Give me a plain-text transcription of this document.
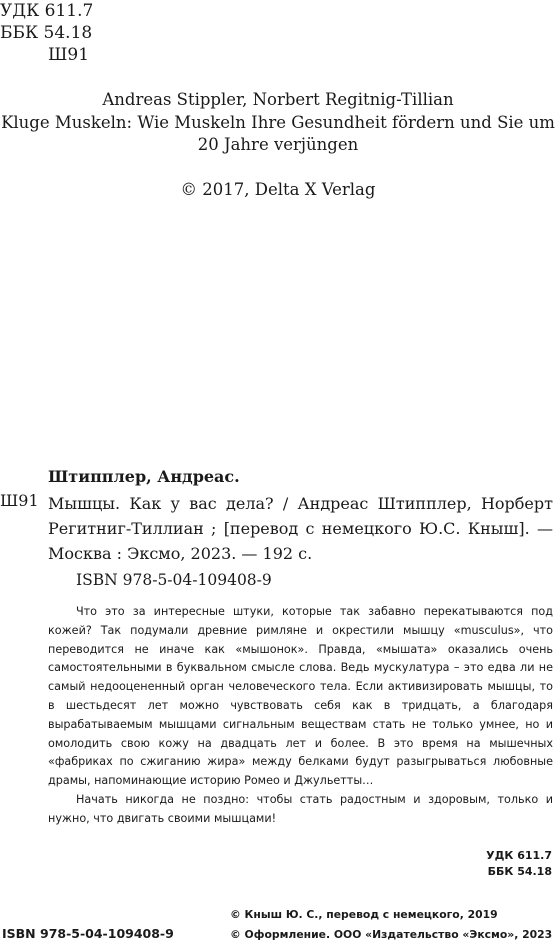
УДК 611.7
ББК 54.18
Ш91
Andreas Stippler, Norbert Regitnig-Tillian
Kluge Muskeln: Wie Muskeln Ihre Gesundheit fördern und Sie um
20 Jahre verjüngen
© 2017, Delta X Verlag
Штипплер, Андреас.
Ш91 Мышцы. Как у вас дела? / Андреас Штипплер, Норберт Регитниг-Тиллиан ; [перевод с немецкого Ю.С. Кныш]. — Москва : Эксмо, 2023. — 192 с.
ISBN 978-5-04-109408-9

Что это за интересные штуки, которые так забавно перекатываются под кожей? Так подумали древние римляне и окрестили мышцу «musculus», что переводится не иначе как «мышонок». Правда, «мышата» оказались очень самостоятельными в буквальном смысле слова. Ведь мускулатура – это едва ли не самый недооцененный орган человеческого тела. Если активизировать мышцы, то в шестьдесят лет можно чувствовать себя как в тридцать, а благодаря вырабатываемым мышцами сигнальным веществам стать не только умнее, но и омолодить свою кожу на двадцать лет и более. В это время на мышечных «фабриках по сжиганию жира» между белками будут разыгрываться любовные драмы, напоминающие историю Ромео и Джульетты…

Начать никогда не поздно: чтобы стать радостным и здоровым, только и нужно, что двигать своими мышцами!

УДК 611.7
ББК 54.18
ISBN 978-5-04-109408-9
© Кныш Ю. С., перевод с немецкого, 2019
© Оформление. ООО «Издательство «Эксмо», 2023
